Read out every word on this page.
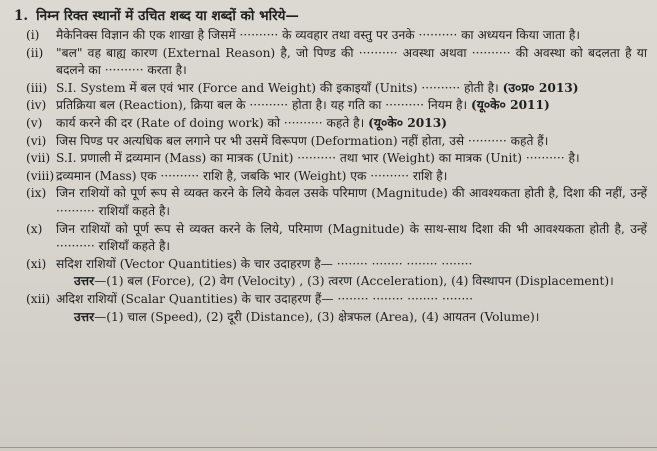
1. निम्न रिक्त स्थानों में उचित शब्द या शब्दों को भरिये—
(i)	मैकेनिक्स विज्ञान की एक शाखा है जिसमें ·········· के व्यवहार तथा वस्तु पर उनके ·········· का अध्ययन किया जाता है।
(ii)	"बल" वह बाह्य कारण (External Reason) है, जो पिण्ड की ·········· अवस्था अथवा ·········· की अवस्था को बदलता है या बदलने का ·········· करता है।
(iii) S.I. System में बल एवं भार (Force and Weight) की इकाइयाँ (Units) ·········· होती है। (उ०प्र० 2013)
(iv) प्रतिक्रिया बल (Reaction), क्रिया बल के ·········· होता है। यह गति का ·········· नियम है। (यू०के० 2011)
(v)	कार्य करने की दर (Rate of doing work) को ·········· कहते है। (यू०के० 2013)
(vi) जिस पिण्ड पर अत्यधिक बल लगाने पर भी उसमें विरूपण (Deformation) नहीं होता, उसे ·········· कहते हैं।
(vii) S.I. प्रणाली में द्रव्यमान (Mass) का मात्रक (Unit) ·········· तथा भार (Weight) का मात्रक (Unit) ·········· है।
(viii) द्रव्यमान (Mass) एक ·········· राशि है, जबकि भार (Weight) एक ·········· राशि है।
(ix) जिन राशियों को पूर्ण रूप से व्यक्त करने के लिये केवल उसके परिमाण (Magnitude) की आवश्यकता होती है, दिशा की नहीं, उन्हें ·········· राशियाँ कहते है।
(x)	जिन राशियों को पूर्ण रूप से व्यक्त करने के लिये, परिमाण (Magnitude) के साथ-साथ दिशा की भी आवश्यकता होती है, उन्हें ·········· राशियाँ कहते है।
(xi) सदिश राशियों (Vector Quantities) के चार उदाहरण है— ········ ········ ········ ········
उत्तर—(1) बल (Force), (2) वेग (Velocity) , (3) त्वरण (Acceleration), (4) विस्थापन (Displacement)।
(xii) अदिश राशियों (Scalar Quantities) के चार उदाहरण हैं— ········ ········ ········ ········
उत्तर—(1) चाल (Speed), (2) दूरी (Distance), (3) क्षेत्रफल (Area), (4) आयतन (Volume)।
